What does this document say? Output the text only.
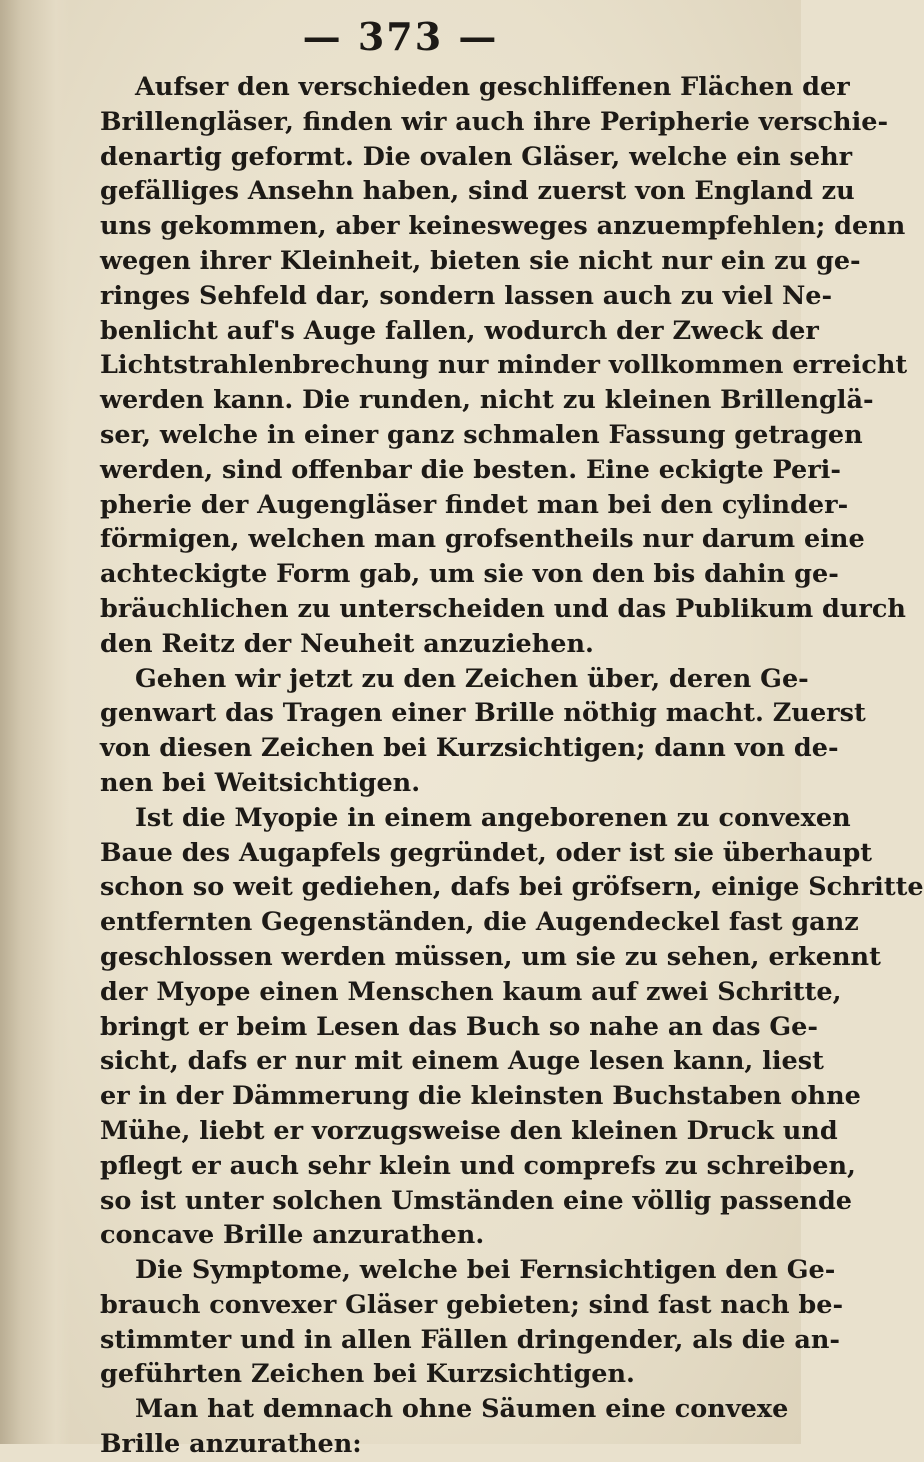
— 373 —
Aufser den verschieden geschliffenen Flächen der
Brillengläser, finden wir auch ihre Peripherie verschie-
denartig geformt. Die ovalen Gläser, welche ein sehr
gefälliges Ansehn haben, sind zuerst von England zu
uns gekommen, aber keinesweges anzuempfehlen; denn
wegen ihrer Kleinheit, bieten sie nicht nur ein zu ge-
ringes Sehfeld dar, sondern lassen auch zu viel Ne-
benlicht auf's Auge fallen, wodurch der Zweck der
Lichtstrahlenbrechung nur minder vollkommen erreicht
werden kann. Die runden, nicht zu kleinen Brillenglä-
ser, welche in einer ganz schmalen Fassung getragen
werden, sind offenbar die besten. Eine eckigte Peri-
pherie der Augengläser findet man bei den cylinder-
förmigen, welchen man grofsentheils nur darum eine
achteckigte Form gab, um sie von den bis dahin ge-
bräuchlichen zu unterscheiden und das Publikum durch
den Reitz der Neuheit anzuziehen.
Gehen wir jetzt zu den Zeichen über, deren Ge-
genwart das Tragen einer Brille nöthig macht. Zuerst
von diesen Zeichen bei Kurzsichtigen; dann von de-
nen bei Weitsichtigen.
Ist die Myopie in einem angeborenen zu convexen
Baue des Augapfels gegründet, oder ist sie überhaupt
schon so weit gediehen, dafs bei gröfsern, einige Schritte
entfernten Gegenständen, die Augendeckel fast ganz
geschlossen werden müssen, um sie zu sehen, erkennt
der Myope einen Menschen kaum auf zwei Schritte,
bringt er beim Lesen das Buch so nahe an das Ge-
sicht, dafs er nur mit einem Auge lesen kann, liest
er in der Dämmerung die kleinsten Buchstaben ohne
Mühe, liebt er vorzugsweise den kleinen Druck und
pflegt er auch sehr klein und comprefs zu schreiben,
so ist unter solchen Umständen eine völlig passende
concave Brille anzurathen.
Die Symptome, welche bei Fernsichtigen den Ge-
brauch convexer Gläser gebieten; sind fast nach be-
stimmter und in allen Fällen dringender, als die an-
geführten Zeichen bei Kurzsichtigen.
Man hat demnach ohne Säumen eine convexe
Brille anzurathen:
